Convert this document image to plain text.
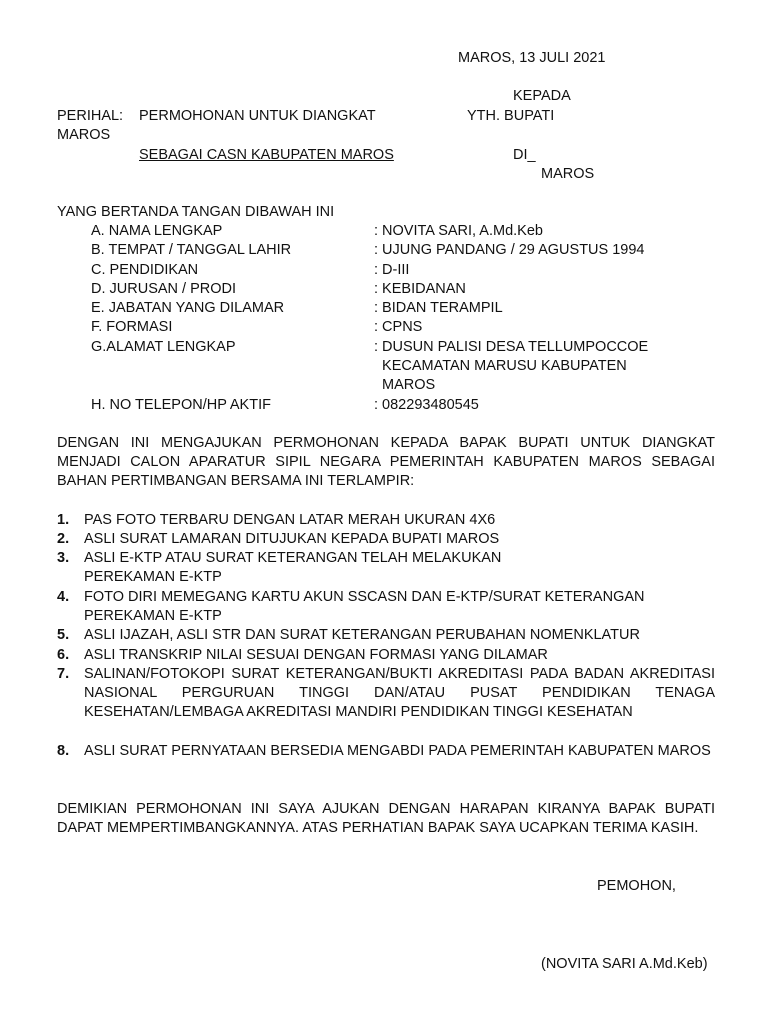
MAROS, 13 JULI 2021
KEPADA
PERIHAL: PERMOHONAN UNTUK DIANGKAT	YTH. BUPATI
MAROS
SEBAGAI CASN KABUPATEN MAROS	DI_
MAROS
YANG BERTANDA TANGAN DIBAWAH INI
A. NAMA LENGKAP	: NOVITA SARI, A.Md.Keb
B. TEMPAT / TANGGAL LAHIR	: UJUNG PANDANG / 29 AGUSTUS 1994
C. PENDIDIKAN	: D-III
D. JURUSAN / PRODI	: KEBIDANAN
E. JABATAN YANG DILAMAR	: BIDAN TERAMPIL
F. FORMASI	: CPNS
G.ALAMAT LENGKAP	: DUSUN PALISI DESA TELLUMPOCCOE
KECAMATAN MARUSU KABUPATEN
MAROS
H. NO TELEPON/HP AKTIF	: 082293480545
DENGAN INI MENGAJUKAN PERMOHONAN KEPADA BAPAK BUPATI UNTUK DIANGKAT MENJADI CALON APARATUR SIPIL NEGARA PEMERINTAH KABUPATEN MAROS SEBAGAI BAHAN PERTIMBANGAN BERSAMA INI TERLAMPIR:
1. PAS FOTO TERBARU DENGAN LATAR MERAH UKURAN 4X6
2. ASLI SURAT LAMARAN DITUJUKAN KEPADA BUPATI MAROS
3. ASLI E-KTP ATAU SURAT KETERANGAN TELAH MELAKUKAN PEREKAMAN E-KTP
4. FOTO DIRI MEMEGANG KARTU AKUN SSCASN DAN E-KTP/SURAT KETERANGAN PEREKAMAN E-KTP
5. ASLI IJAZAH, ASLI STR DAN SURAT KETERANGAN PERUBAHAN NOMENKLATUR
6. ASLI TRANSKRIP NILAI SESUAI DENGAN FORMASI YANG DILAMAR
7. SALINAN/FOTOKOPI SURAT KETERANGAN/BUKTI AKREDITASI PADA BADAN AKREDITASI NASIONAL PERGURUAN TINGGI DAN/ATAU PUSAT PENDIDIKAN TENAGA KESEHATAN/LEMBAGA AKREDITASI MANDIRI PENDIDIKAN TINGGI KESEHATAN
8. ASLI SURAT PERNYATAAN BERSEDIA MENGABDI PADA PEMERINTAH KABUPATEN MAROS
DEMIKIAN PERMOHONAN INI SAYA AJUKAN DENGAN HARAPAN KIRANYA BAPAK BUPATI DAPAT MEMPERTIMBANGKANNYA. ATAS PERHATIAN BAPAK SAYA UCAPKAN TERIMA KASIH.
PEMOHON,
(NOVITA SARI A.Md.Keb)
